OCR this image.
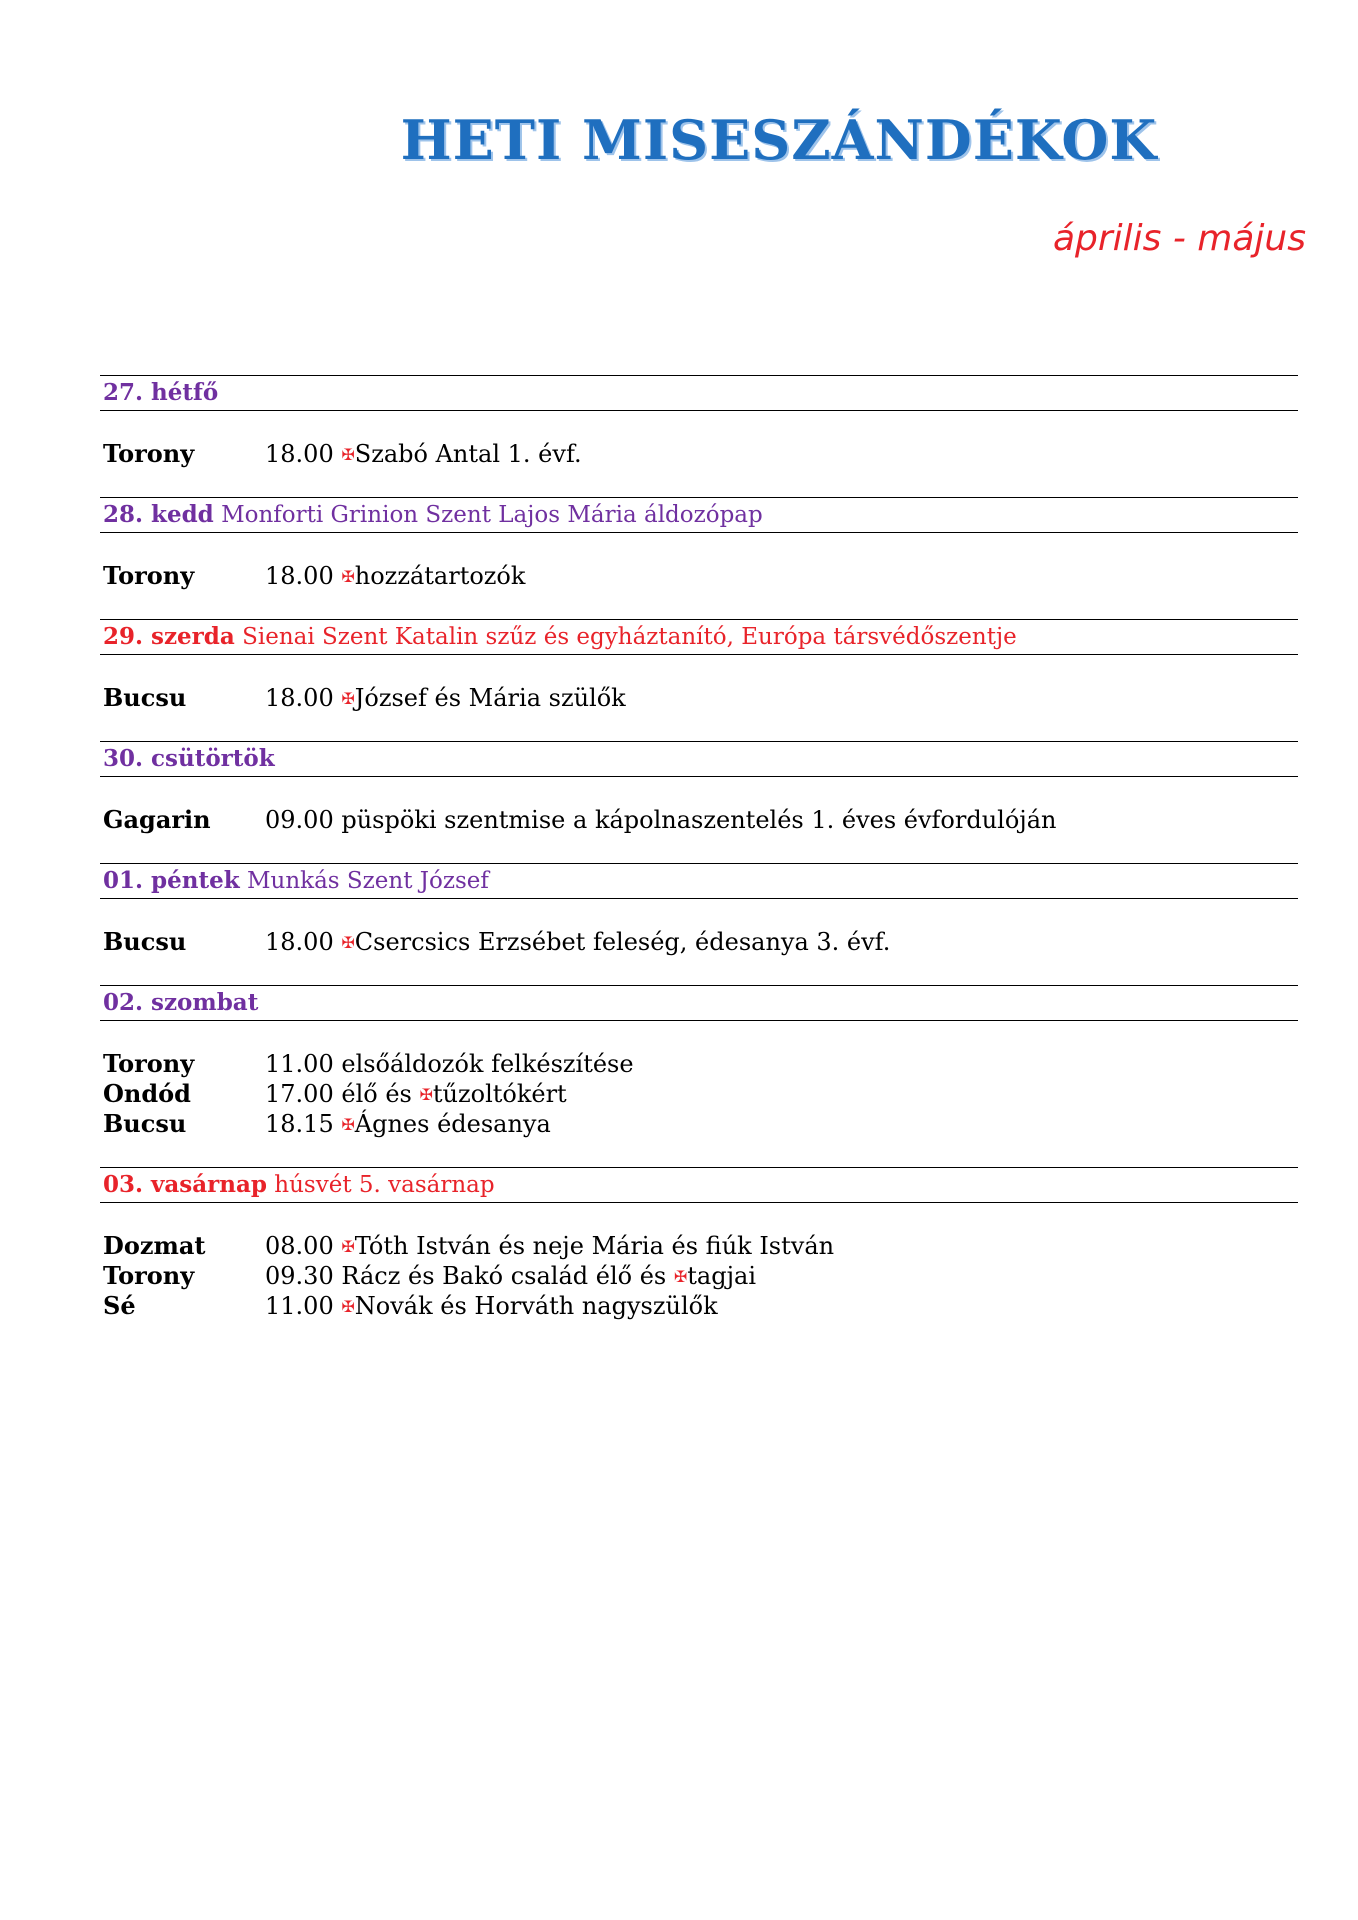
HETI MISESZÁNDÉKOK
április - május
27. hétfő
Torony	18.00 ✠Szabó Antal 1. évf.
28. kedd Monforti Grinion Szent Lajos Mária áldozópap
Torony	18.00 ✠hozzátartozók
29. szerda Sienai Szent Katalin szűz és egyháztanító, Európa társvédőszentje
Bucsu	18.00 ✠József és Mária szülők
30. csütörtök
Gagarin	09.00 püspöki szentmise a kápolnaszentelés 1. éves évfordulóján
01. péntek Munkás Szent József
Bucsu	18.00 ✠Csercsics Erzsébet feleség, édesanya 3. évf.
02. szombat
Torony	11.00 elsőáldozók felkészítése
Ondód	17.00 élő és ✠tűzoltókért
Bucsu	18.15 ✠Ágnes édesanya
03. vasárnap húsvét 5. vasárnap
Dozmat	08.00 ✠Tóth István és neje Mária és fiúk István
Torony	09.30 Rácz és Bakó család élő és ✠tagjai
Sé	11.00 ✠Novák és Horváth nagyszülők
